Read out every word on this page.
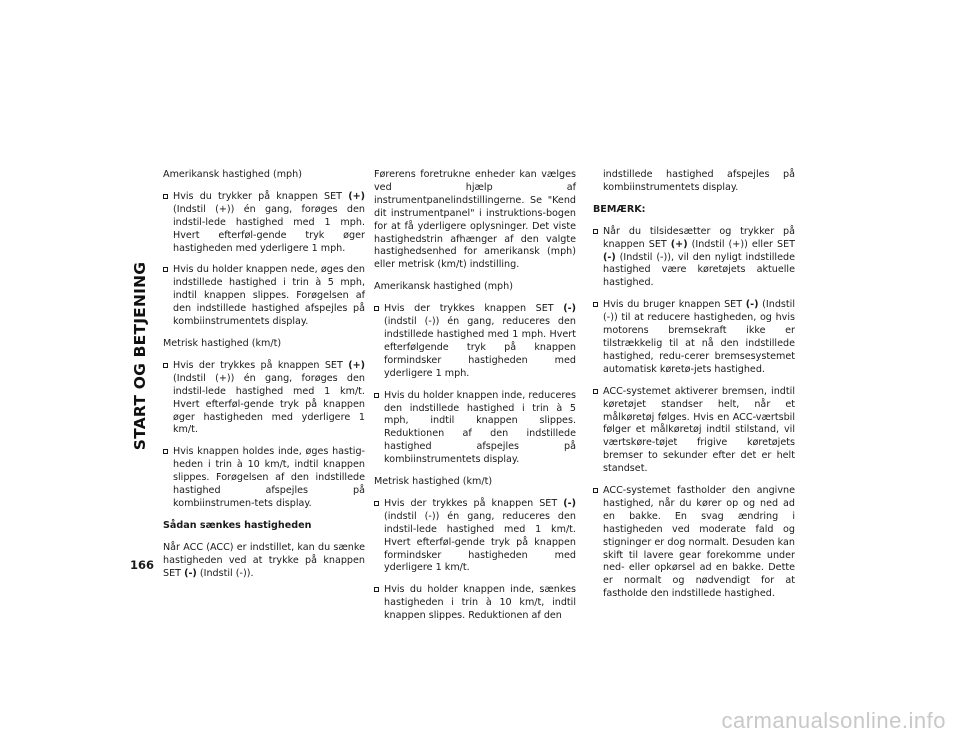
START OG BETJENING
166

Amerikansk hastighed (mph)

Hvis du trykker på knappen SET (+) (Indstil (+)) én gang, forøges den indstil-lede hastighed med 1 mph. Hvert efterføl-gende tryk øger hastigheden med yderligere 1 mph.
Hvis du holder knappen nede, øges den indstillede hastighed i trin à 5 mph, indtil knappen slippes. Forøgelsen af den indstillede hastighed afspejles på kombiinstrumentets display.

Metrisk hastighed (km/t)

Hvis der trykkes på knappen SET (+) (Indstil (+)) én gang, forøges den indstil-lede hastighed med 1 km/t. Hvert efterføl-gende tryk på knappen øger hastigheden med yderligere 1 km/t.
Hvis knappen holdes inde, øges hastig-heden i trin à 10 km/t, indtil knappen slippes. Forøgelsen af den indstillede hastighed afspejles på kombiinstrumen-tets display.

Sådan sænkes hastigheden

Når ACC (ACC) er indstillet, kan du sænke hastigheden ved at trykke på knappen SET (-) (Indstil (-)).

Førerens foretrukne enheder kan vælges ved hjælp af instrumentpanelindstillingerne. Se "Kend dit instrumentpanel" i instruktions-bogen for at få yderligere oplysninger. Det viste hastighedstrin afhænger af den valgte hastighedsenhed for amerikansk (mph) eller metrisk (km/t) indstilling.

Amerikansk hastighed (mph)

Hvis der trykkes knappen SET (-) (indstil (-)) én gang, reduceres den indstillede hastighed med 1 mph. Hvert efterfølgende tryk på knappen formindsker hastigheden med yderligere 1 mph.
Hvis du holder knappen inde, reduceres den indstillede hastighed i trin à 5 mph, indtil knappen slippes. Reduktionen af den indstillede hastighed afspejles på kombiinstrumentets display.

Metrisk hastighed (km/t)

Hvis der trykkes på knappen SET (-) (indstil (-)) én gang, reduceres den indstil-lede hastighed med 1 km/t. Hvert efterføl-gende tryk på knappen formindsker hastigheden med yderligere 1 km/t.
Hvis du holder knappen inde, sænkes hastigheden i trin à 10 km/t, indtil knappen slippes. Reduktionen af den

indstillede hastighed afspejles på kombiinstrumentets display.

BEMÆRK:

Når du tilsidesætter og trykker på knappen SET (+) (Indstil (+)) eller SET (-) (Indstil (-)), vil den nyligt indstillede hastighed være køretøjets aktuelle hastighed.
Hvis du bruger knappen SET (-) (Indstil (-)) til at reducere hastigheden, og hvis motorens bremsekraft ikke er tilstrækkelig til at nå den indstillede hastighed, redu-cerer bremsesystemet automatisk køretø-jets hastighed.
ACC-systemet aktiverer bremsen, indtil køretøjet standser helt, når et målkøretøj følges. Hvis en ACC-værtsbil følger et målkøretøj indtil stilstand, vil værtskøre-tøjet frigive køretøjets bremser to sekunder efter det er helt standset.
ACC-systemet fastholder den angivne hastighed, når du kører op og ned ad en bakke. En svag ændring i hastigheden ved moderate fald og stigninger er dog normalt. Desuden kan skift til lavere gear forekomme under ned- eller opkørsel ad en bakke. Dette er normalt og nødvendigt for at fastholde den indstillede hastighed.
carmanualsonline.info
